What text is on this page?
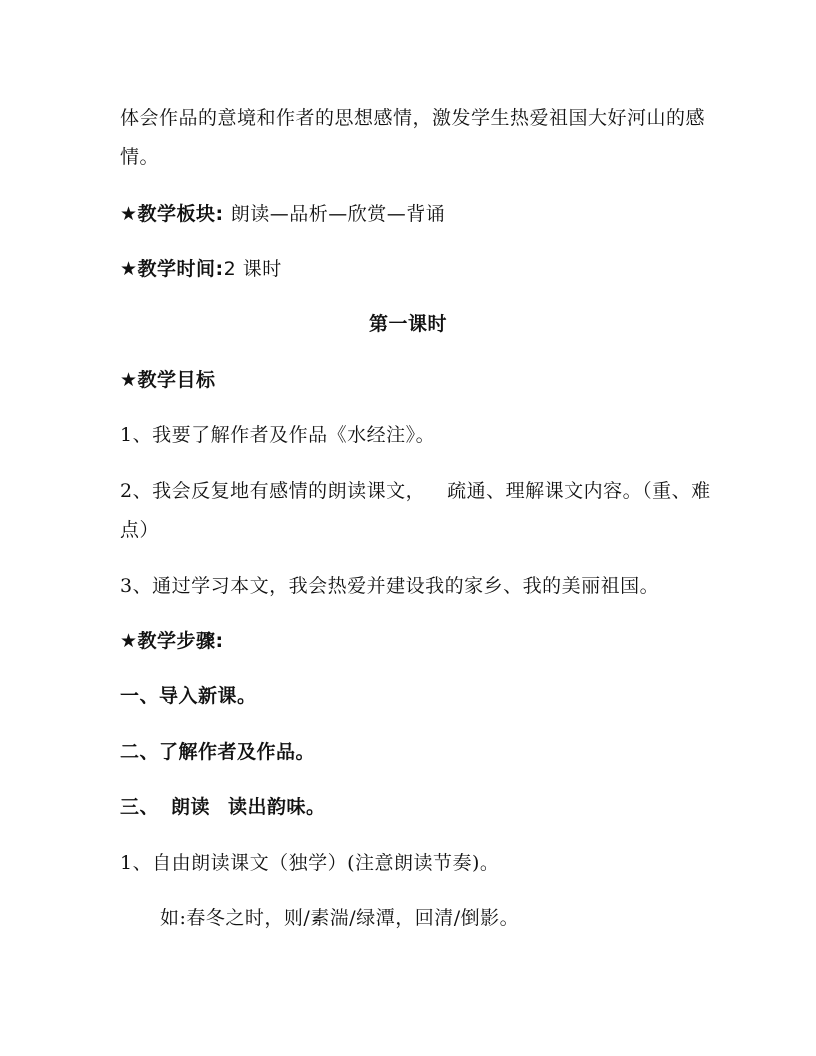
体会作品的意境和作者的思想感情，激发学生热爱祖国大好河山的感
情。
★教学板块: 朗读—品析—欣赏—背诵
★教学时间:2 课时
第一课时
★教学目标
1、我要了解作者及作品《水经注》。
2、我会反复地有感情的朗读课文， 疏通、理解课文内容。（重、难
点）
3、通过学习本文，我会热爱并建设我的家乡、我的美丽祖国。
★教学步骤:
一、导入新课。
二、了解作者及作品。
三、 朗读 读出韵味。
1、自由朗读课文（独学）(注意朗读节奏)。
如:春冬之时，则/素湍/绿潭，回清/倒影。
